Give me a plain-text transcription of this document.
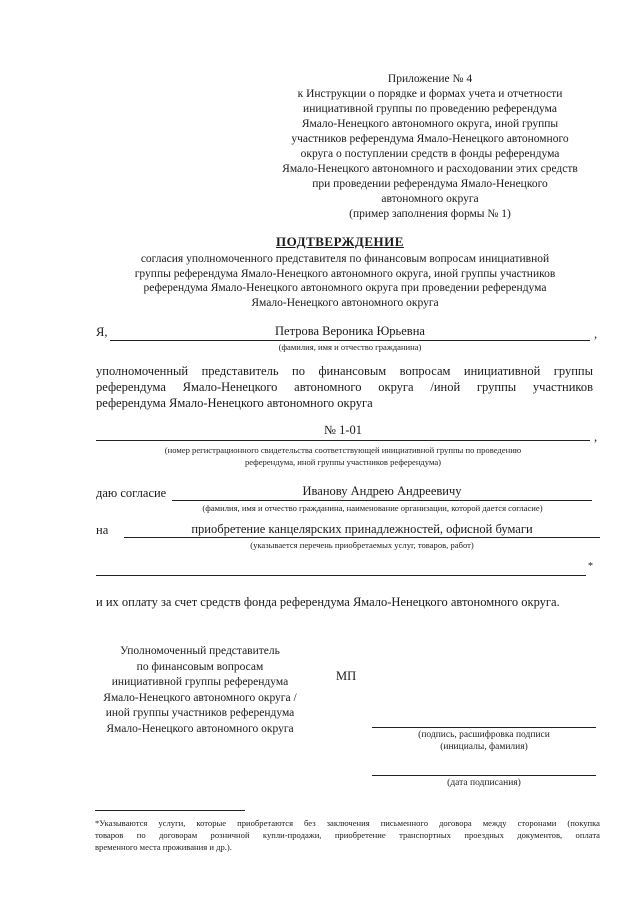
Приложение № 4
к Инструкции о порядке и формах учета и отчетности
инициативной группы по проведению референдума
Ямало-Ненецкого автономного округа, иной группы
участников референдума Ямало-Ненецкого автономного
округа о поступлении средств в фонды референдума
Ямало-Ненецкого автономного и расходовании этих средств
при проведении референдума Ямало-Ненецкого
автономного округа
(пример заполнения формы № 1)
ПОДТВЕРЖДЕНИЕ
согласия уполномоченного представителя по финансовым вопросам инициативной
группы референдума Ямало-Ненецкого автономного округа, иной группы участников
референдума Ямало-Ненецкого автономного округа при проведении референдума
Ямало-Ненецкого автономного округа
Я,	Петрова Вероника Юрьевна	,
(фамилия, имя и отчество гражданина)
уполномоченный представитель по финансовым вопросам инициативной группы
референдума Ямало-Ненецкого автономного округа /иной группы участников
референдума Ямало-Ненецкого автономного округа
№ 1-01	,
(номер регистрационного свидетельства соответствующей инициативной группы по проведению
референдума, иной группы участников референдума)
даю согласие	Иванову Андрею Андреевичу
(фамилия, имя и отчество гражданина, наименование организации, которой дается согласие)
на	приобретение канцелярских принадлежностей, офисной бумаги
(указывается перечень приобретаемых услуг, товаров, работ)
*
и их оплату за счет средств фонда референдума Ямало-Ненецкого автономного округа.
Уполномоченный представитель
по финансовым вопросам
инициативной группы референдума
Ямало-Ненецкого автономного округа /
иной группы участников референдума
Ямало-Ненецкого автономного округа
МП
(подпись, расшифровка подписи
(инициалы, фамилия)
(дата подписания)
*Указываются услуги, которые приобретаются без заключения письменного договора между сторонами (покупка
товаров по договорам розничной купли-продажи, приобретение транспортных проездных документов, оплата
временного места проживания и др.).
